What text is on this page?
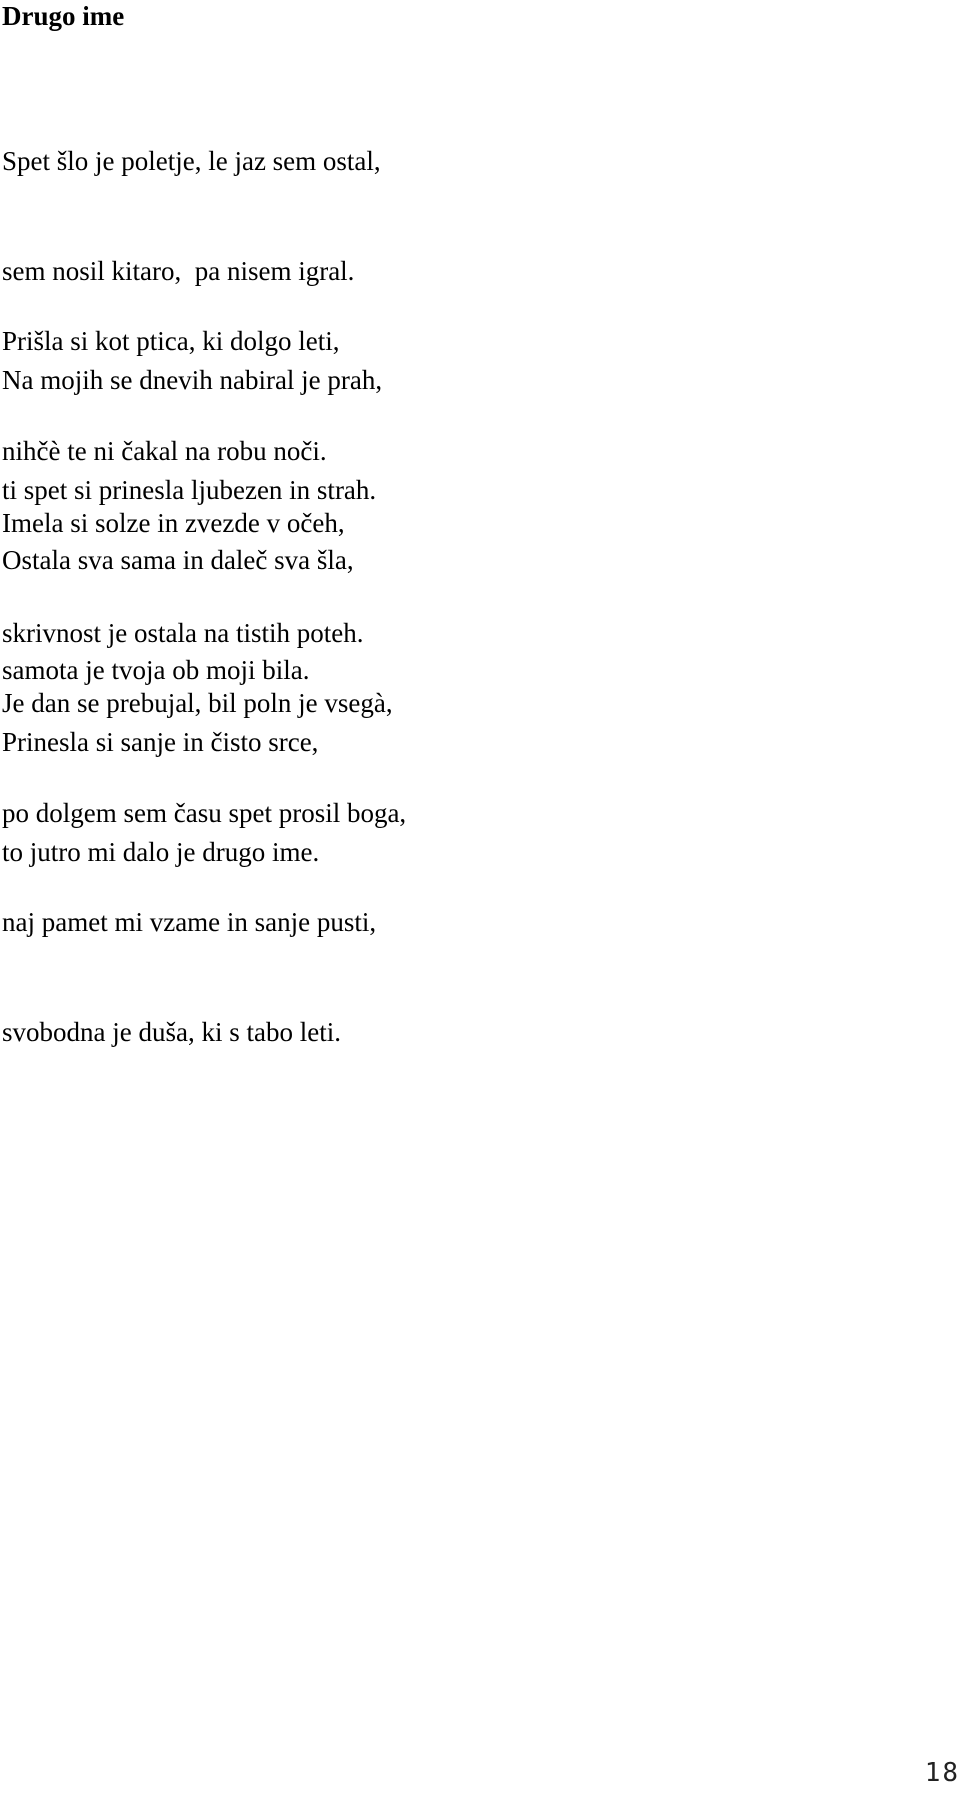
Drugo ime

Spet šlo je poletje, le jaz sem ostal,

sem nosil kitaro,  pa nisem igral.

Na mojih se dnevih nabiral je prah,

ti spet si prinesla ljubezen in strah.

Prišla si kot ptica, ki dolgo leti,

nihčè te ni čakal na robu noči.

Ostala sva sama in daleč sva šla,

samota je tvoja ob moji bila.

Imela si solze in zvezde v očeh,

skrivnost je ostala na tistih poteh.

Prinesla si sanje in čisto srce,

to jutro mi dalo je drugo ime.

Je dan se prebujal, bil poln je vsegà,

po dolgem sem času spet prosil boga,

naj pamet mi vzame in sanje pusti,

svobodna je duša, ki s tabo leti.

18
